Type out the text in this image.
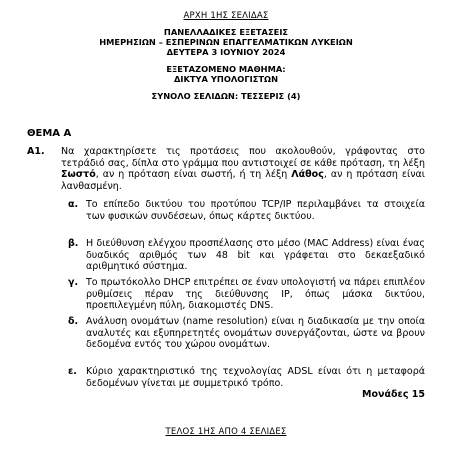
ΑΡΧΗ 1ΗΣ ΣΕΛΙΔΑΣ
ΠΑΝΕΛΛΑΔΙΚΕΣ ΕΞΕΤΑΣΕΙΣ
ΗΜΕΡΗΣΙΩΝ – ΕΣΠΕΡΙΝΩΝ ΕΠΑΓΓΕΛΜΑΤΙΚΩΝ ΛΥΚΕΙΩΝ
ΔΕΥΤΕΡΑ 3 ΙΟΥΝΙΟΥ 2024
ΕΞΕΤΑΖΟΜΕΝΟ ΜΑΘΗΜΑ:
ΔΙΚΤΥΑ ΥΠΟΛΟΓΙΣΤΩΝ
ΣΥΝΟΛΟ ΣΕΛΙΔΩΝ: ΤΕΣΣΕΡΙΣ (4)
ΘΕΜΑ Α
Α1. Να χαρακτηρίσετε τις προτάσεις που ακολουθούν, γράφοντας στο τετράδιό σας, δίπλα στο γράμμα που αντιστοιχεί σε κάθε πρόταση, τη λέξη Σωστό, αν η πρόταση είναι σωστή, ή τη λέξη Λάθος, αν η πρόταση είναι λανθασμένη.

α. Το επίπεδο δικτύου του προτύπου TCP/IP περιλαμβάνει τα στοιχεία των φυσικών συνδέσεων, όπως κάρτες δικτύου.

β. Η διεύθυνση ελέγχου προσπέλασης στο μέσο (MAC Address) είναι ένας δυαδικός αριθμός των 48 bit και γράφεται στο δεκαεξαδικό αριθμητικό σύστημα.

γ. Το πρωτόκολλο DHCP επιτρέπει σε έναν υπολογιστή να πάρει επιπλέον ρυθμίσεις πέραν της διεύθυνσης IP, όπως μάσκα δικτύου, προεπιλεγμένη πύλη, διακομιστές DNS.

δ. Ανάλυση ονομάτων (name resolution) είναι η διαδικασία με την οποία αναλυτές και εξυπηρετητές ονομάτων συνεργάζονται, ώστε να βρουν δεδομένα εντός του χώρου ονομάτων.

ε. Κύριο χαρακτηριστικό της τεχνολογίας ADSL είναι ότι η μεταφορά δεδομένων γίνεται με συμμετρικό τρόπο.

Μονάδες 15
ΤΕΛΟΣ 1ΗΣ ΑΠΟ 4 ΣΕΛΙΔΕΣ
